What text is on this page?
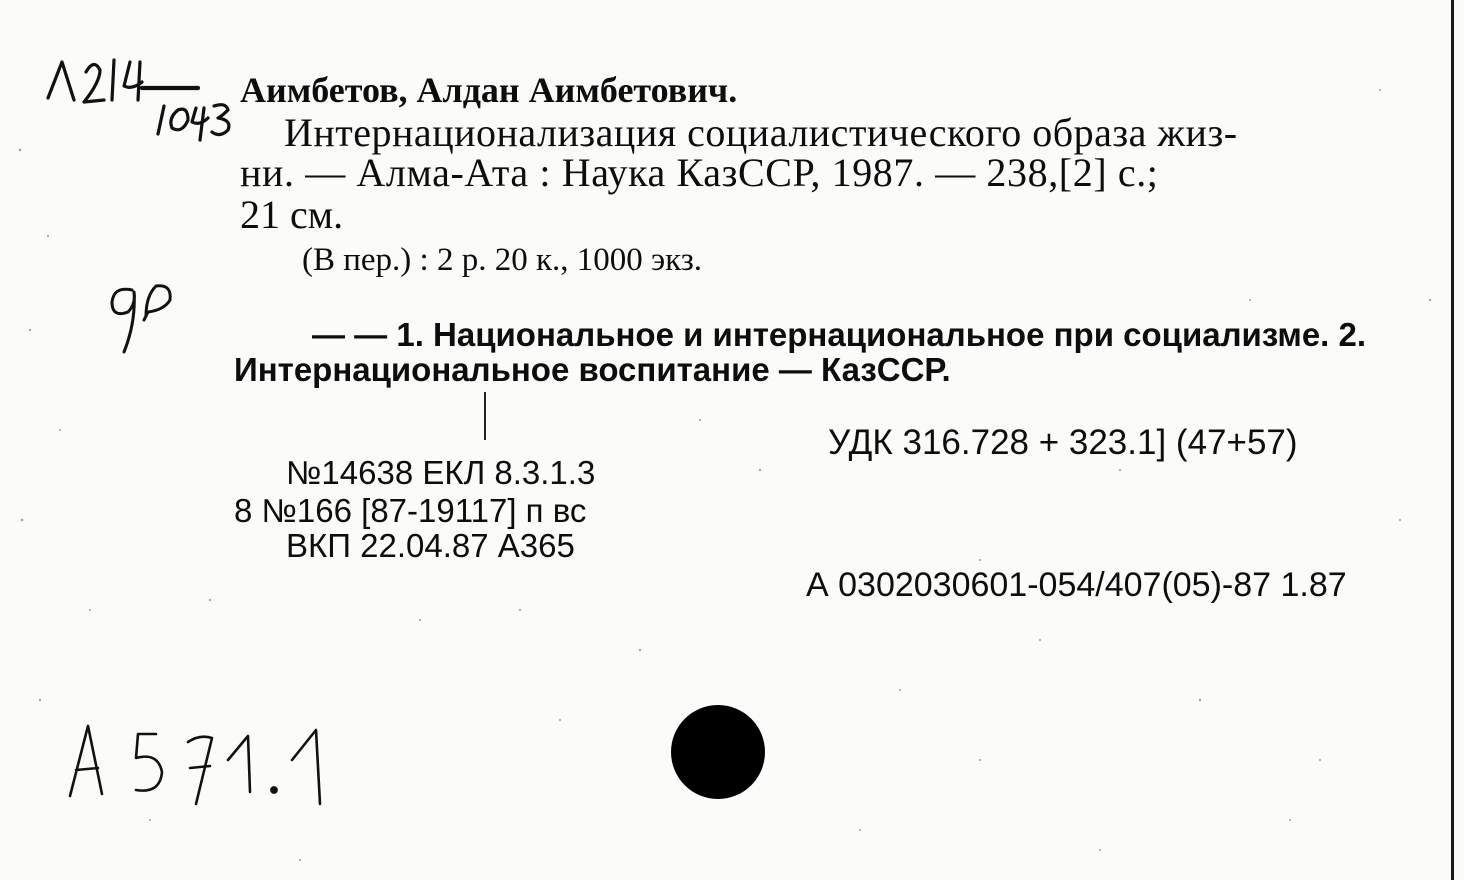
Аимбетов, Алдан Аимбетович.
Интернационализация социалистического образа жиз-
ни. — Алма-Ата : Наука КазССР, 1987. — 238,[2] с.;
21 см.
(В пер.) : 2 р. 20 к., 1000 экз.
— — 1. Национальное и интернациональное при социализме. 2.
Интернациональное воспитание — КазССР.
УДК 316.728 + 323.1] (47+57)
№14638 ЕКЛ 8.3.1.3
8 №166 [87-19117] п вс
ВКП 22.04.87 А365
А 0302030601-054/407(05)-87 1.87
